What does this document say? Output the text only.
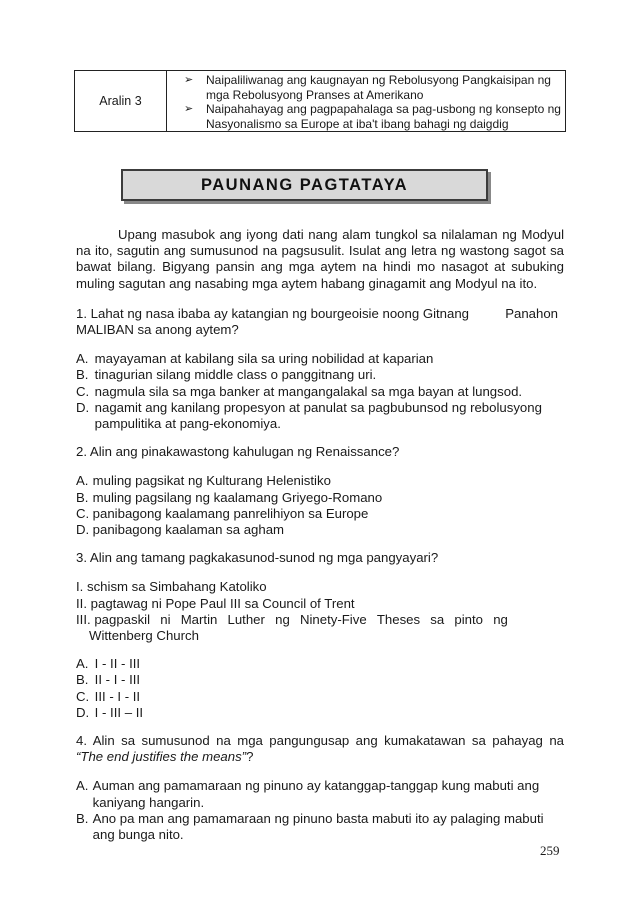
Aralin 3
➢	Naipaliliwanag ang kaugnayan ng Rebolusyong Pangkaisipan ng mga Rebolusyong Pranses at Amerikano
➢	Naipahahayag ang pagpapahalaga sa pag-usbong ng konsepto ng Nasyonalismo sa Europe at iba't ibang bahagi ng daigdig
PAUNANG PAGTATAYA

Upang masubok ang iyong dati nang alam tungkol sa nilalaman ng Modyul na ito, sagutin ang sumusunod na pagsusulit. Isulat ang letra ng wastong sagot sa bawat bilang. Bigyang pansin ang mga aytem na hindi mo nasagot at subuking muling sagutan ang nasabing mga aytem habang ginagamit ang Modyul na ito.

1. Lahat ng nasa ibaba ay katangian ng bourgeoisie noong Gitnang	Panahon
MALIBAN sa anong aytem?
A.
mayayaman at kabilang sila sa uring nobilidad at kaparian
B.
tinagurian silang middle class o panggitnang uri.
C.
nagmula sila sa mga banker at mangangalakal sa mga bayan at lungsod.
D.
nagamit ang kanilang propesyon at panulat sa pagbubunsod ng rebolusyong pampulitika at pang-ekonomiya.
2. Alin ang pinakawastong kahulugan ng Renaissance?
A.
muling pagsikat ng Kulturang Helenistiko
B.
muling pagsilang ng kaalamang Griyego-Romano
C.
panibagong kaalamang panrelihiyon sa Europe
D.
panibagong kaalaman sa agham
3. Alin ang tamang pagkakasunod-sunod ng mga pangyayari?
I. schism sa Simbahang Katoliko
II. pagtawag ni Pope Paul III sa Council of Trent
III. pagpaskil ni Martin Luther ng Ninety-Five Theses sa pinto ng
Wittenberg Church
A.
I - II - III
B.
II - I - III
C.
III - I - II
D.
I - III – II
4. Alin sa sumusunod na mga pangungusap ang kumakatawan sa pahayag na “The end justifies the means”?
A.
Auman ang pamamaraan ng pinuno ay katanggap-tanggap kung mabuti ang kaniyang hangarin.
B.
Ano pa man ang pamamaraan ng pinuno basta mabuti ito ay palaging mabuti ang bunga nito.
259
